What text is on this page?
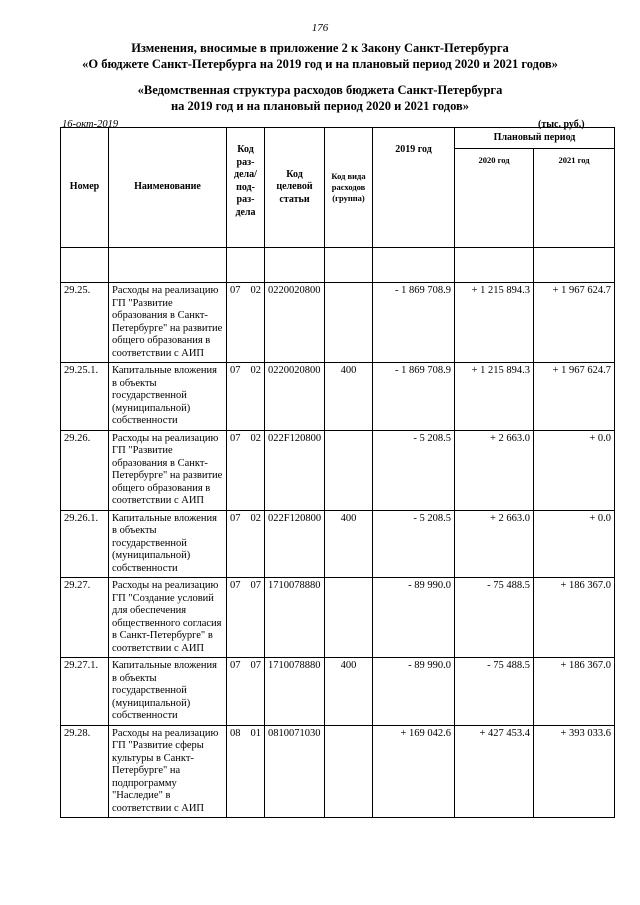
176
Изменения, вносимые в приложение 2 к Закону Санкт-Петербурга
«О бюджете Санкт-Петербурга на 2019 год и на плановый период 2020 и 2021 годов»
«Ведомственная структура расходов бюджета Санкт-Петербурга
на 2019 год и на плановый период 2020 и 2021 годов»
16-окт-2019	(тыс. руб.)
Номер	Наименование	Код раз-дела/ под-раз-дела	Код целевой статьи	Код вида расходов (группа)	2019 год	Плановый период	
						2020 год	2021 год

29.25.	Расходы на реализацию ГП "Развитие образования в Санкт-Петербурге" на развитие общего образования в соответствии с АИП	07 02	0220020800		- 1 869 708.9	+ 1 215 894.3	+ 1 967 624.7
29.25.1.	Капитальные вложения в объекты государственной (муниципальной) собственности	07 02	0220020800	400	- 1 869 708.9	+ 1 215 894.3	+ 1 967 624.7
29.26.	Расходы на реализацию ГП "Развитие образования в Санкт-Петербурге" на развитие общего образования в соответствии с АИП	07 02	022F120800		- 5 208.5	+ 2 663.0	+ 0.0
29.26.1.	Капитальные вложения в объекты государственной (муниципальной) собственности	07 02	022F120800	400	- 5 208.5	+ 2 663.0	+ 0.0
29.27.	Расходы на реализацию ГП "Создание условий для обеспечения общественного согласия в Санкт-Петербурге" в соответствии с АИП	07 07	1710078880		- 89 990.0	- 75 488.5	+ 186 367.0
29.27.1.	Капитальные вложения в объекты государственной (муниципальной) собственности	07 07	1710078880	400	- 89 990.0	- 75 488.5	+ 186 367.0
29.28.	Расходы на реализацию ГП "Развитие сферы культуры в Санкт-Петербурге" на подпрограмму "Наследие" в соответствии с АИП	08 01	0810071030		+ 169 042.6	+ 427 453.4	+ 393 033.6
